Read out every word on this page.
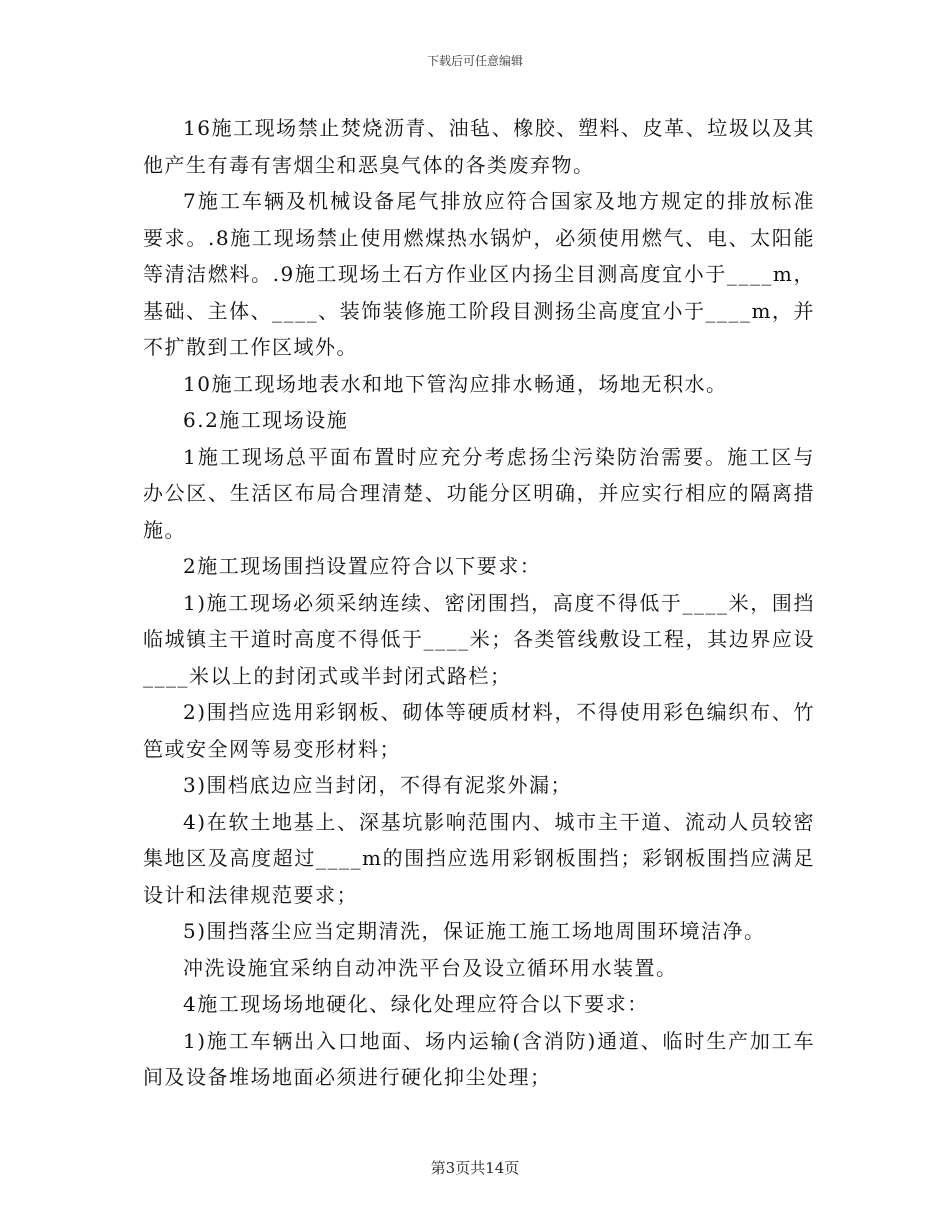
下载后可任意编辑

16施工现场禁止焚烧沥青、油毡、橡胶、塑料、皮革、垃圾以及其他产生有毒有害烟尘和恶臭气体的各类废弃物。

7施工车辆及机械设备尾气排放应符合国家及地方规定的排放标准要求。.8施工现场禁止使用燃煤热水锅炉，必须使用燃气、电、太阳能等清洁燃料。.9施工现场土石方作业区内扬尘目测高度宜小于____m，基础、主体、____、装饰装修施工阶段目测扬尘高度宜小于____m，并不扩散到工作区域外。

10施工现场地表水和地下管沟应排水畅通，场地无积水。

6.2施工现场设施

1施工现场总平面布置时应充分考虑扬尘污染防治需要。施工区与办公区、生活区布局合理清楚、功能分区明确，并应实行相应的隔离措施。

2施工现场围挡设置应符合以下要求：

1)施工现场必须采纳连续、密闭围挡，高度不得低于____米，围挡临城镇主干道时高度不得低于____米；各类管线敷设工程，其边界应设____米以上的封闭式或半封闭式路栏；

2)围挡应选用彩钢板、砌体等硬质材料，不得使用彩色编织布、竹笆或安全网等易变形材料；

3)围档底边应当封闭，不得有泥浆外漏；

4)在软土地基上、深基坑影响范围内、城市主干道、流动人员较密集地区及高度超过____m的围挡应选用彩钢板围挡；彩钢板围挡应满足设计和法律规范要求；

5)围挡落尘应当定期清洗，保证施工施工场地周围环境洁净。

冲洗设施宜采纳自动冲洗平台及设立循环用水装置。

4施工现场场地硬化、绿化处理应符合以下要求：

1)施工车辆出入口地面、场内运输(含消防)通道、临时生产加工车间及设备堆场地面必须进行硬化抑尘处理；

第3页共14页
